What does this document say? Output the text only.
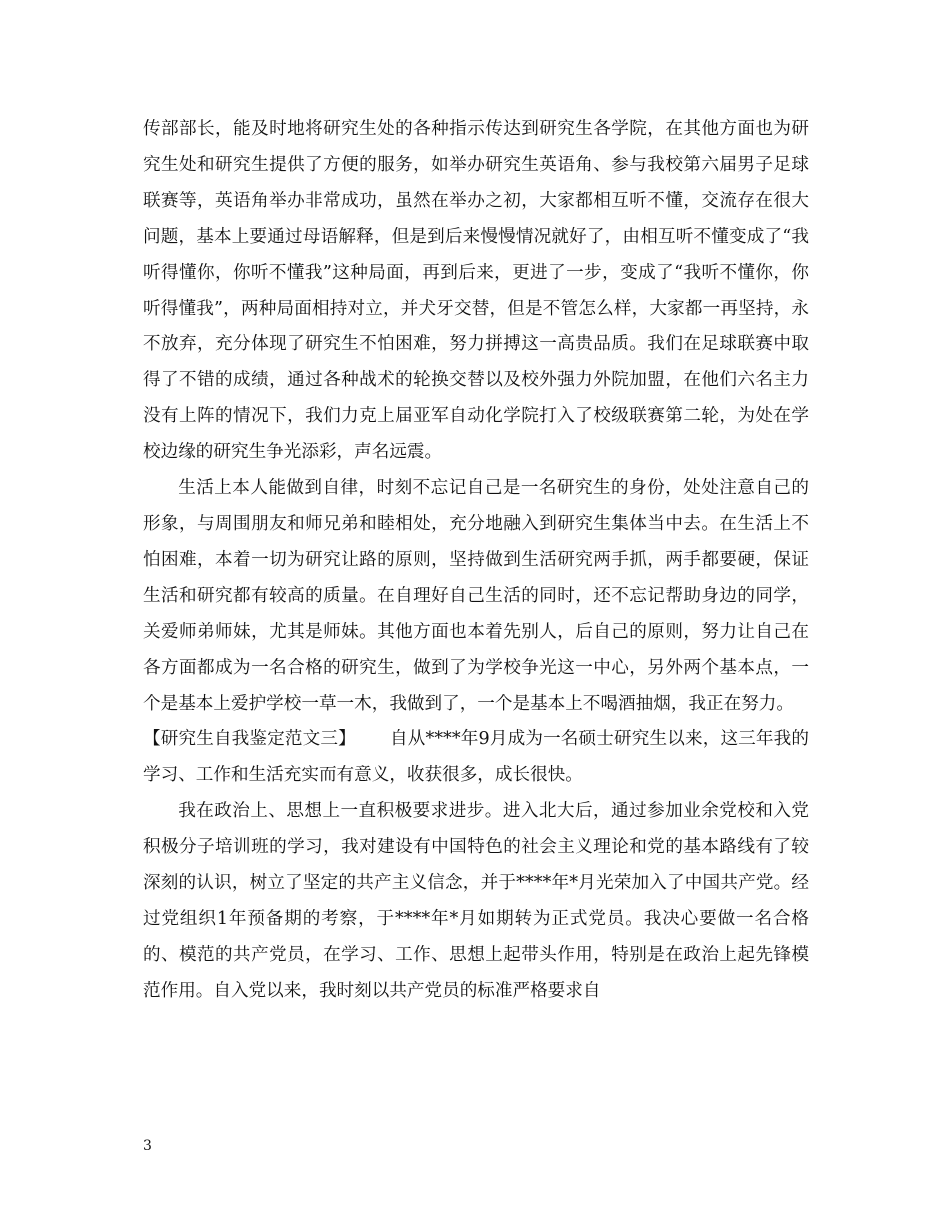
传部部长，能及时地将研究生处的各种指示传达到研究生各学院，在其他方面也为研究生处和研究生提供了方便的服务，如举办研究生英语角、参与我校第六届男子足球联赛等，英语角举办非常成功，虽然在举办之初，大家都相互听不懂，交流存在很大问题，基本上要通过母语解释，但是到后来慢慢情况就好了，由相互听不懂变成了“我听得懂你，你听不懂我”这种局面，再到后来，更进了一步，变成了“我听不懂你，你听得懂我”，两种局面相持对立，并犬牙交替，但是不管怎么样，大家都一再坚持，永不放弃，充分体现了研究生不怕困难，努力拼搏这一高贵品质。我们在足球联赛中取得了不错的成绩，通过各种战术的轮换交替以及校外强力外院加盟，在他们六名主力没有上阵的情况下，我们力克上届亚军自动化学院打入了校级联赛第二轮，为处在学校边缘的研究生争光添彩，声名远震。

生活上本人能做到自律，时刻不忘记自己是一名研究生的身份，处处注意自己的形象，与周围朋友和师兄弟和睦相处，充分地融入到研究生集体当中去。在生活上不怕困难，本着一切为研究让路的原则，坚持做到生活研究两手抓，两手都要硬，保证生活和研究都有较高的质量。在自理好自己生活的同时，还不忘记帮助身边的同学，关爱师弟师妹，尤其是师妹。其他方面也本着先别人，后自己的原则，努力让自己在各方面都成为一名合格的研究生，做到了为学校争光这一中心，另外两个基本点，一个是基本上爱护学校一草一木，我做到了，一个是基本上不喝酒抽烟，我正在努力。

【研究生自我鉴定范文三】 自从****年9月成为一名硕士研究生以来，这三年我的学习、工作和生活充实而有意义，收获很多，成长很快。

我在政治上、思想上一直积极要求进步。进入北大后，通过参加业余党校和入党积极分子培训班的学习，我对建设有中国特色的社会主义理论和党的基本路线有了较深刻的认识，树立了坚定的共产主义信念，并于****年*月光荣加入了中国共产党。经过党组织1年预备期的考察，于****年*月如期转为正式党员。我决心要做一名合格的、模范的共产党员，在学习、工作、思想上起带头作用，特别是在政治上起先锋模范作用。自入党以来，我时刻以共产党员的标准严格要求自

3
